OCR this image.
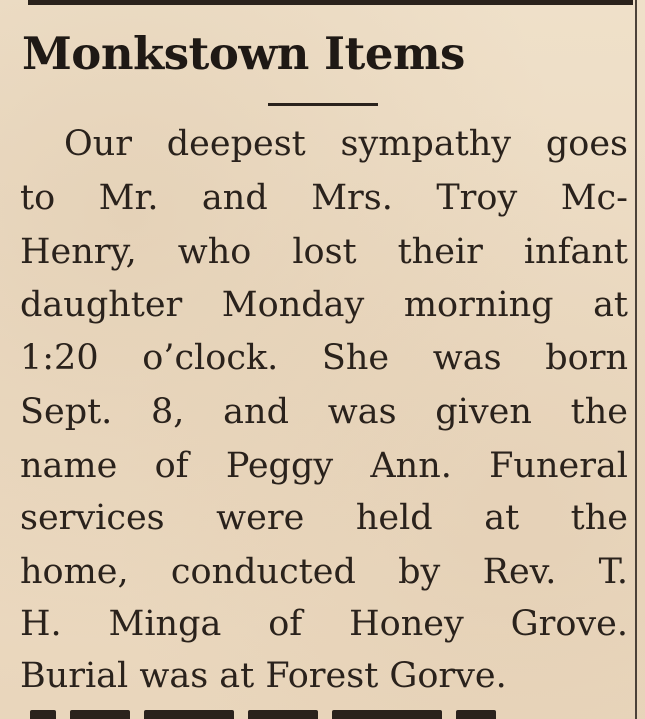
Monkstown Items

Our deepest sympathy goes

to Mr. and Mrs. Troy Mc-

Henry, who lost their infant

daughter Monday morning at

1:20 o’clock. She was born

Sept. 8, and was given the

name of Peggy Ann. Funeral

services were held at the

home, conducted by Rev. T.

H. Minga of Honey Grove.

Burial was at Forest Gorve.
